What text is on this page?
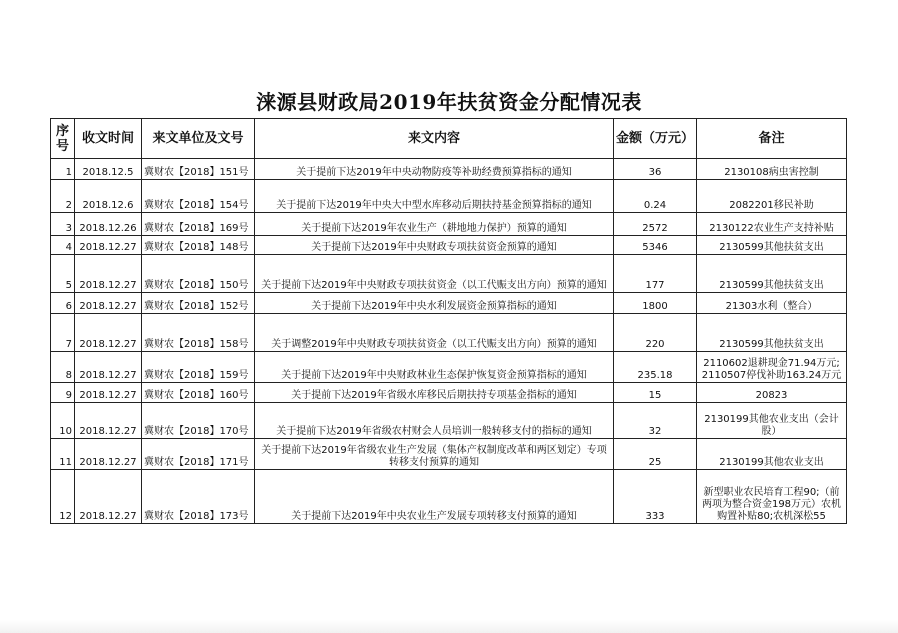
涞源县财政局2019年扶贫资金分配情况表
序号	收文时间	来文单位及文号	来文内容	金额（万元）	备注
1	2018.12.5	冀财农【2018】151号	关于提前下达2019年中央动物防疫等补助经费预算指标的通知	36	2130108病虫害控制

2	2018.12.6	冀财农【2018】154号	关于提前下达2019年中央大中型水库移动后期扶持基金预算指标的通知	0.24	2082201移民补助

3	2018.12.26	冀财农【2018】169号	关于提前下达2019年农业生产（耕地地力保护）预算的通知	2572	2130122农业生产支持补贴

4	2018.12.27	冀财农【2018】148号	关于提前下达2019年中央财政专项扶贫资金预算的通知	5346	2130599其他扶贫支出

5	2018.12.27	冀财农【2018】150号	关于提前下达2019年中央财政专项扶贫资金（以工代赈支出方向）预算的通知	177	2130599其他扶贫支出

6	2018.12.27	冀财农【2018】152号	关于提前下达2019年中央水利发展资金预算指标的通知	1800	21303水利（整合）

7	2018.12.27	冀财农【2018】158号	关于调整2019年中央财政专项扶贫资金（以工代赈支出方向）预算的通知	220	2130599其他扶贫支出

8	2018.12.27	冀财农【2018】159号	关于提前下达2019年中央财政林业生态保护恢复资金预算指标的通知	235.18	2110602退耕现金71.94万元;
2110507停伐补助163.24万元

9	2018.12.27	冀财农【2018】160号	关于提前下达2019年省级水库移民后期扶持专项基金指标的通知	15	20823

10	2018.12.27	冀财农【2018】170号	关于提前下达2019年省级农村财会人员培训一般转移支付的指标的通知	32	2130199其他农业支出（会计股）

11	2018.12.27	冀财农【2018】171号	关于提前下达2019年省级农业生产发展（集体产权制度改革和两区划定）专项转移支付预算的通知	25	2130199其他农业支出

12	2018.12.27	冀财农【2018】173号	关于提前下达2019年中央农业生产发展专项转移支付预算的通知	333	新型职业农民培育工程90;（前两项为整合资金198万元）农机购置补贴80;农机深松55
